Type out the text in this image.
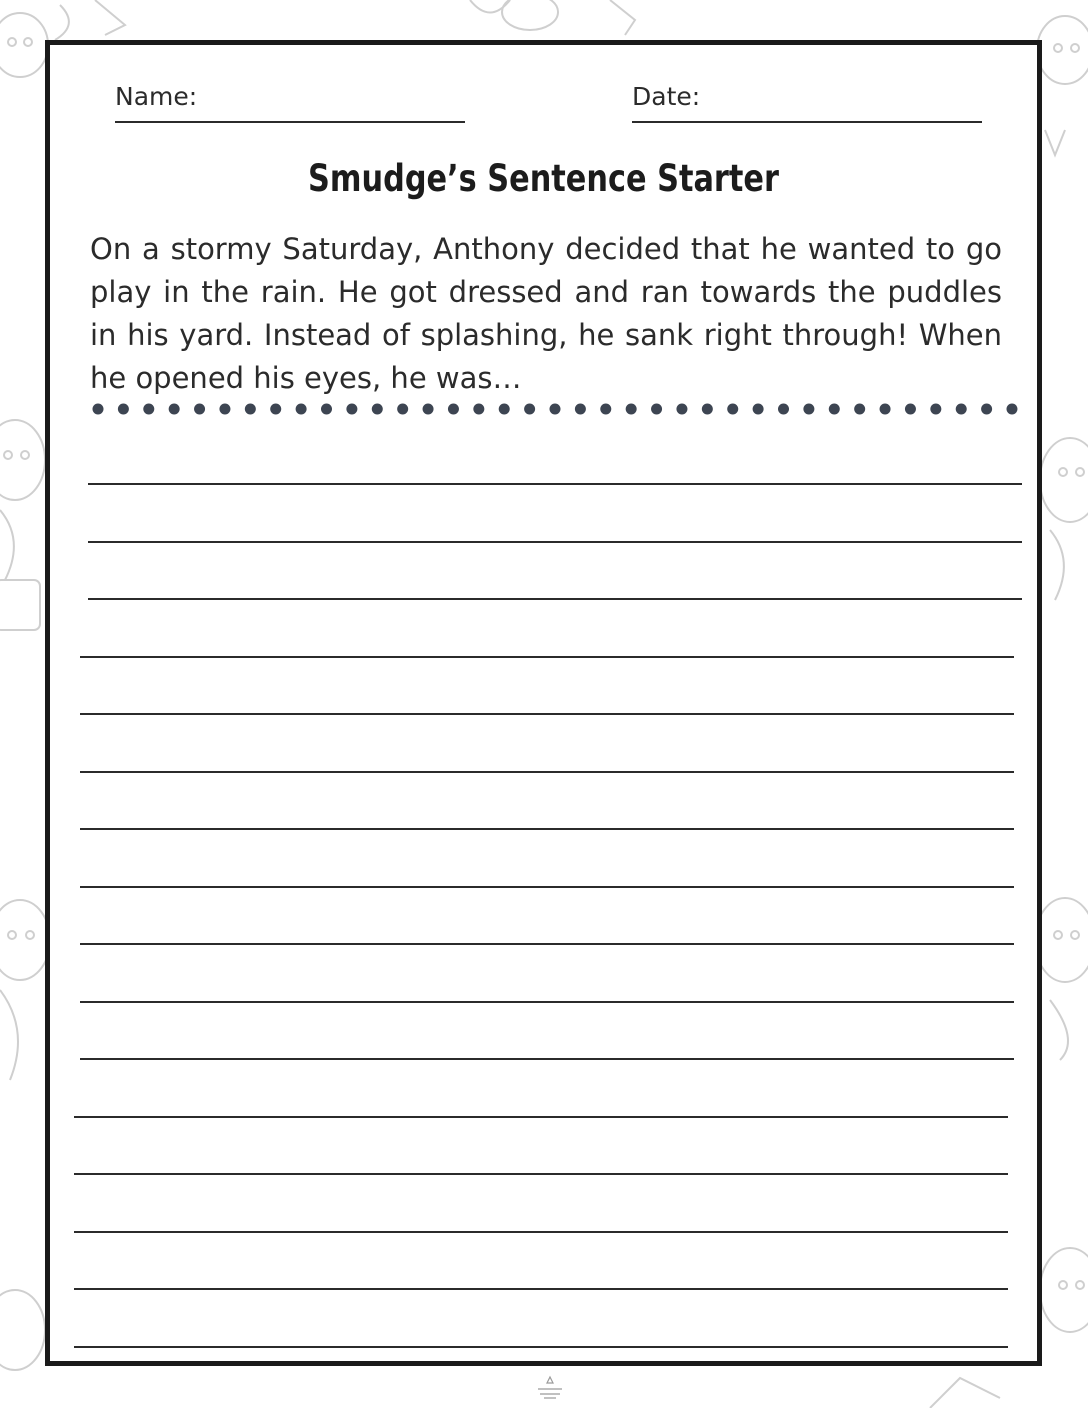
Name:	Date:
Smudge’s Sentence Starter
On a stormy Saturday, Anthony decided that he wanted to go play in the rain. He got dressed and ran towards the puddles in his yard. Instead of splashing, he sank right through! When he opened his eyes, he was…
